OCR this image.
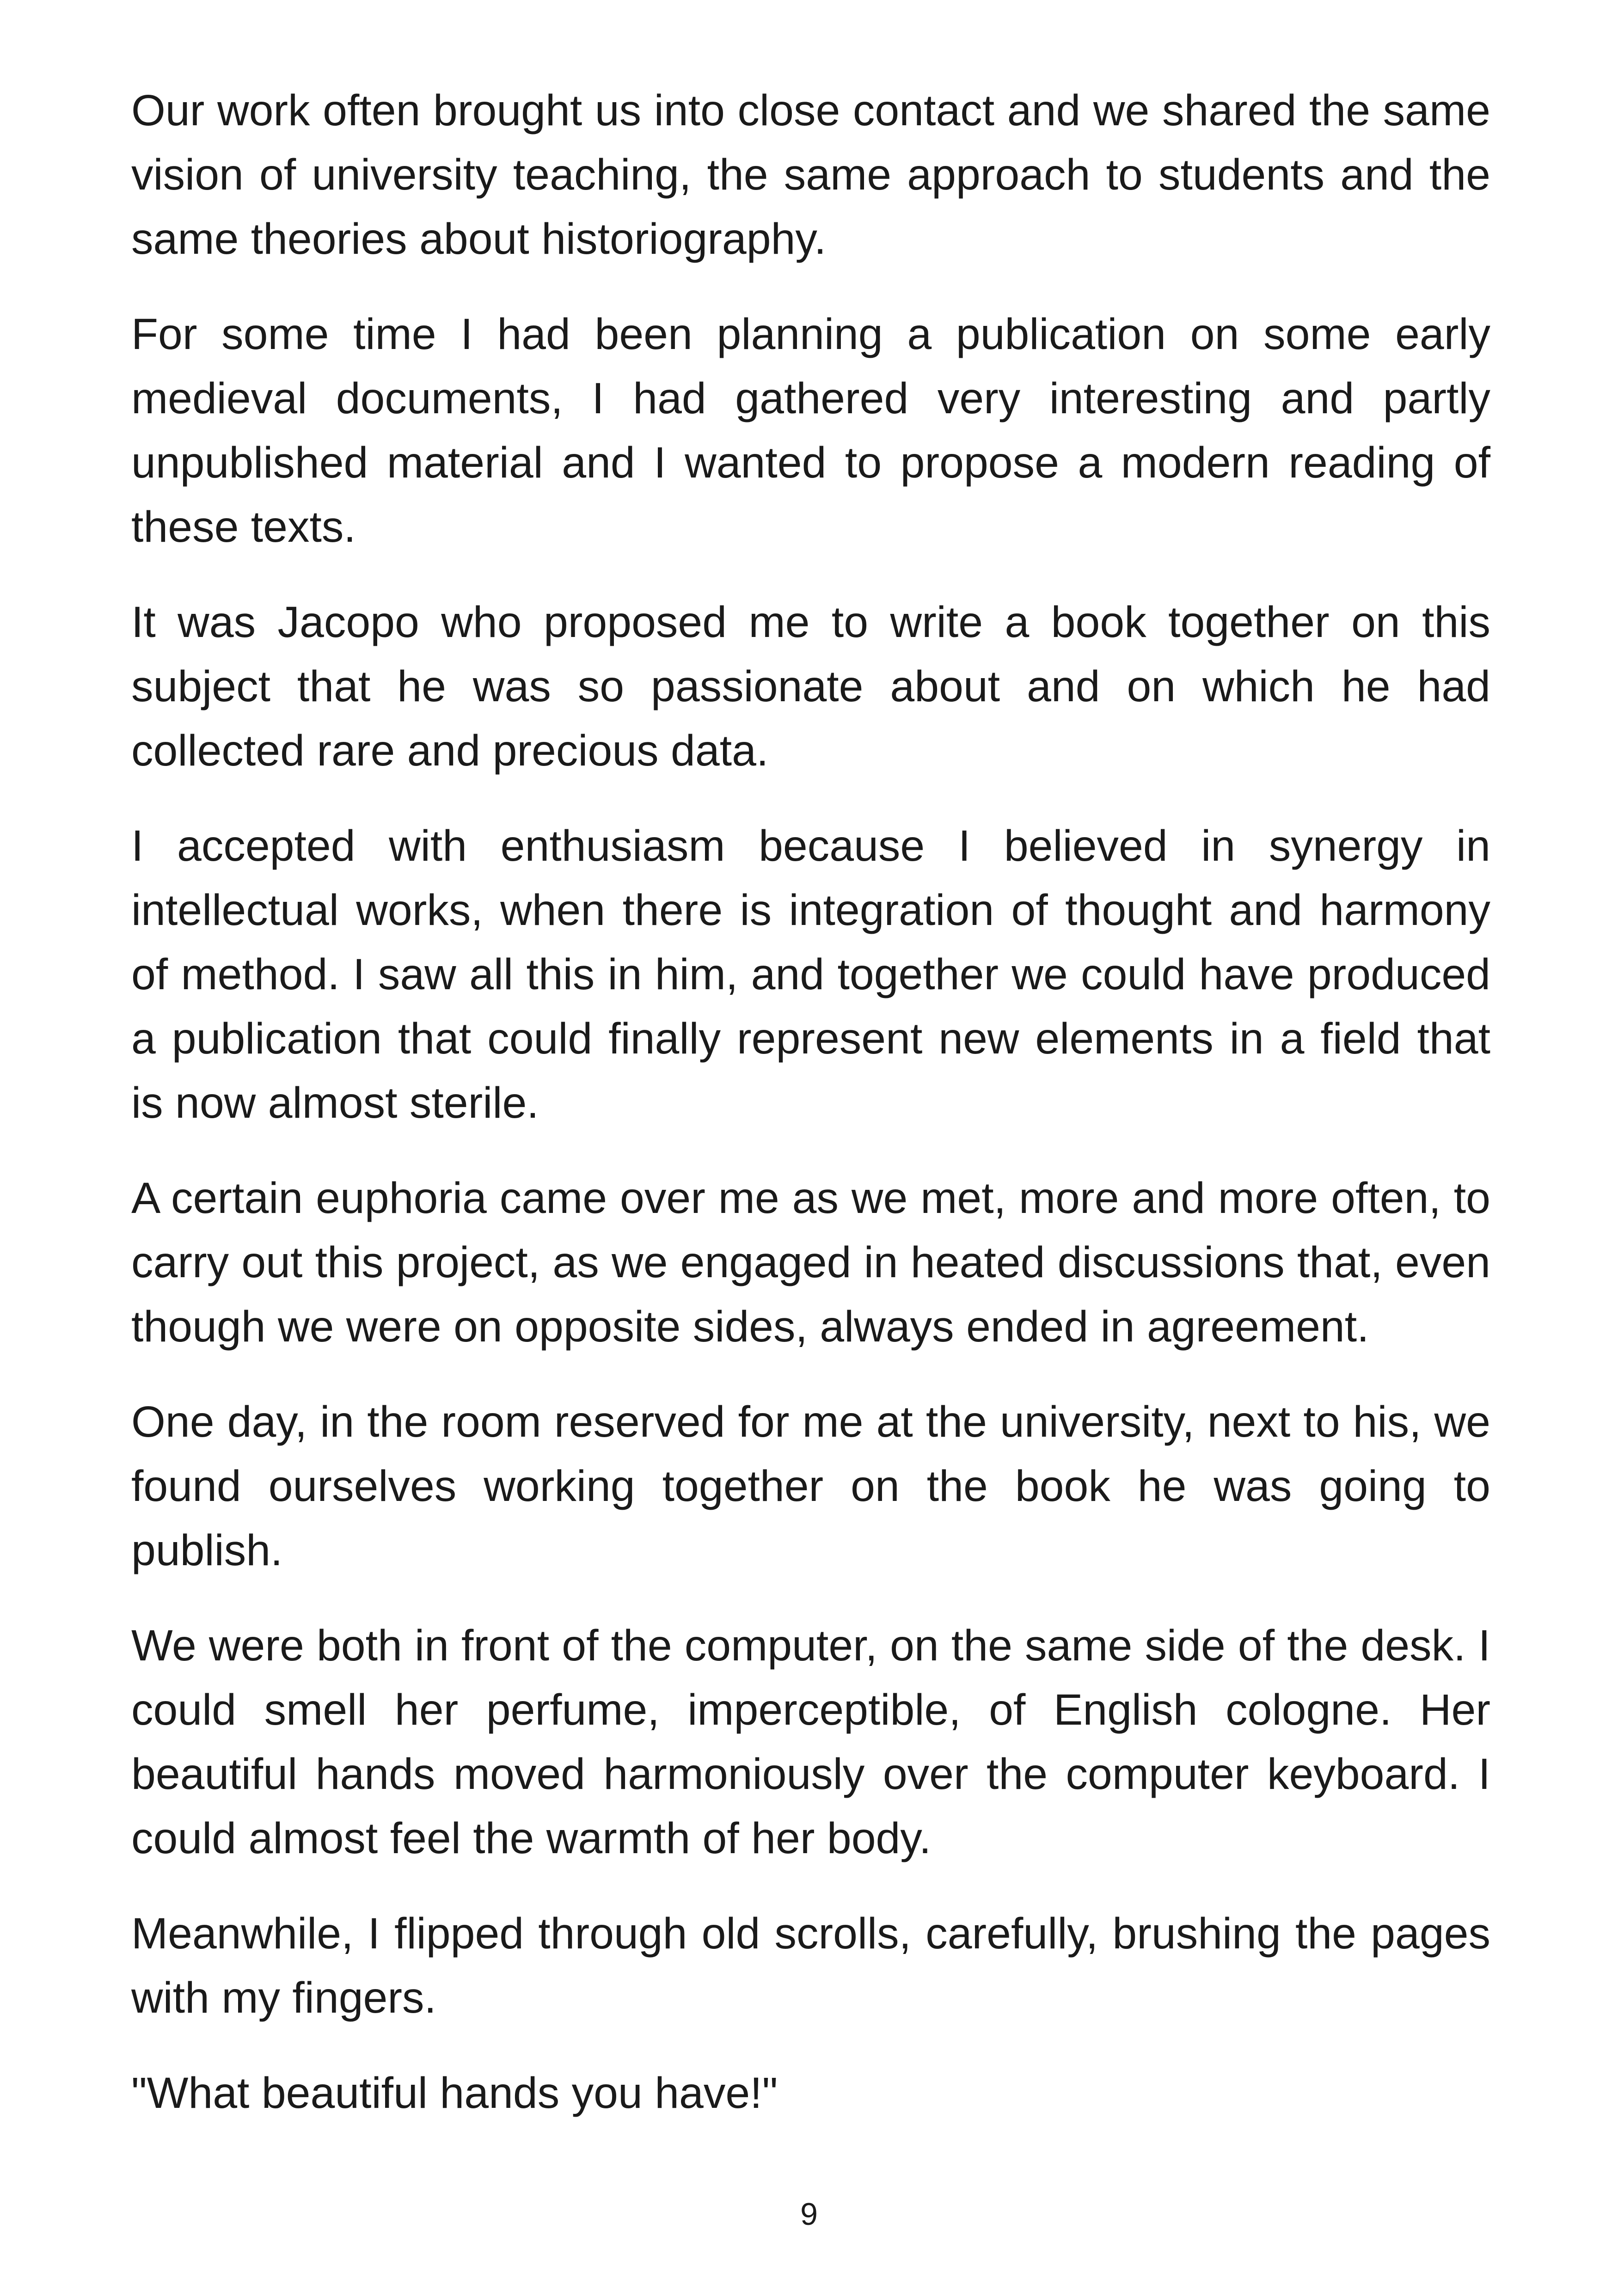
Our work often brought us into close contact and we shared the same vision of university teaching, the same approach to students and the same theories about historiography.

For some time I had been planning a publication on some early medieval documents, I had gathered very interesting and partly unpublished material and I wanted to propose a modern reading of these texts.

It was Jacopo who proposed me to write a book together on this subject that he was so passionate about and on which he had collected rare and precious data.

I accepted with enthusiasm because I believed in synergy in intellectual works, when there is integration of thought and harmony of method. I saw all this in him, and together we could have produced a publication that could finally represent new elements in a field that is now almost sterile.

A certain euphoria came over me as we met, more and more often, to carry out this project, as we engaged in heated discussions that, even though we were on opposite sides, always ended in agreement.

One day, in the room reserved for me at the university, next to his, we found ourselves working together on the book he was going to publish.

We were both in front of the computer, on the same side of the desk. I could smell her perfume, imperceptible, of English cologne. Her beautiful hands moved harmoniously over the computer keyboard. I could almost feel the warmth of her body.

Meanwhile, I flipped through old scrolls, carefully, brushing the pages with my fingers.

"What beautiful hands you have!"

9
